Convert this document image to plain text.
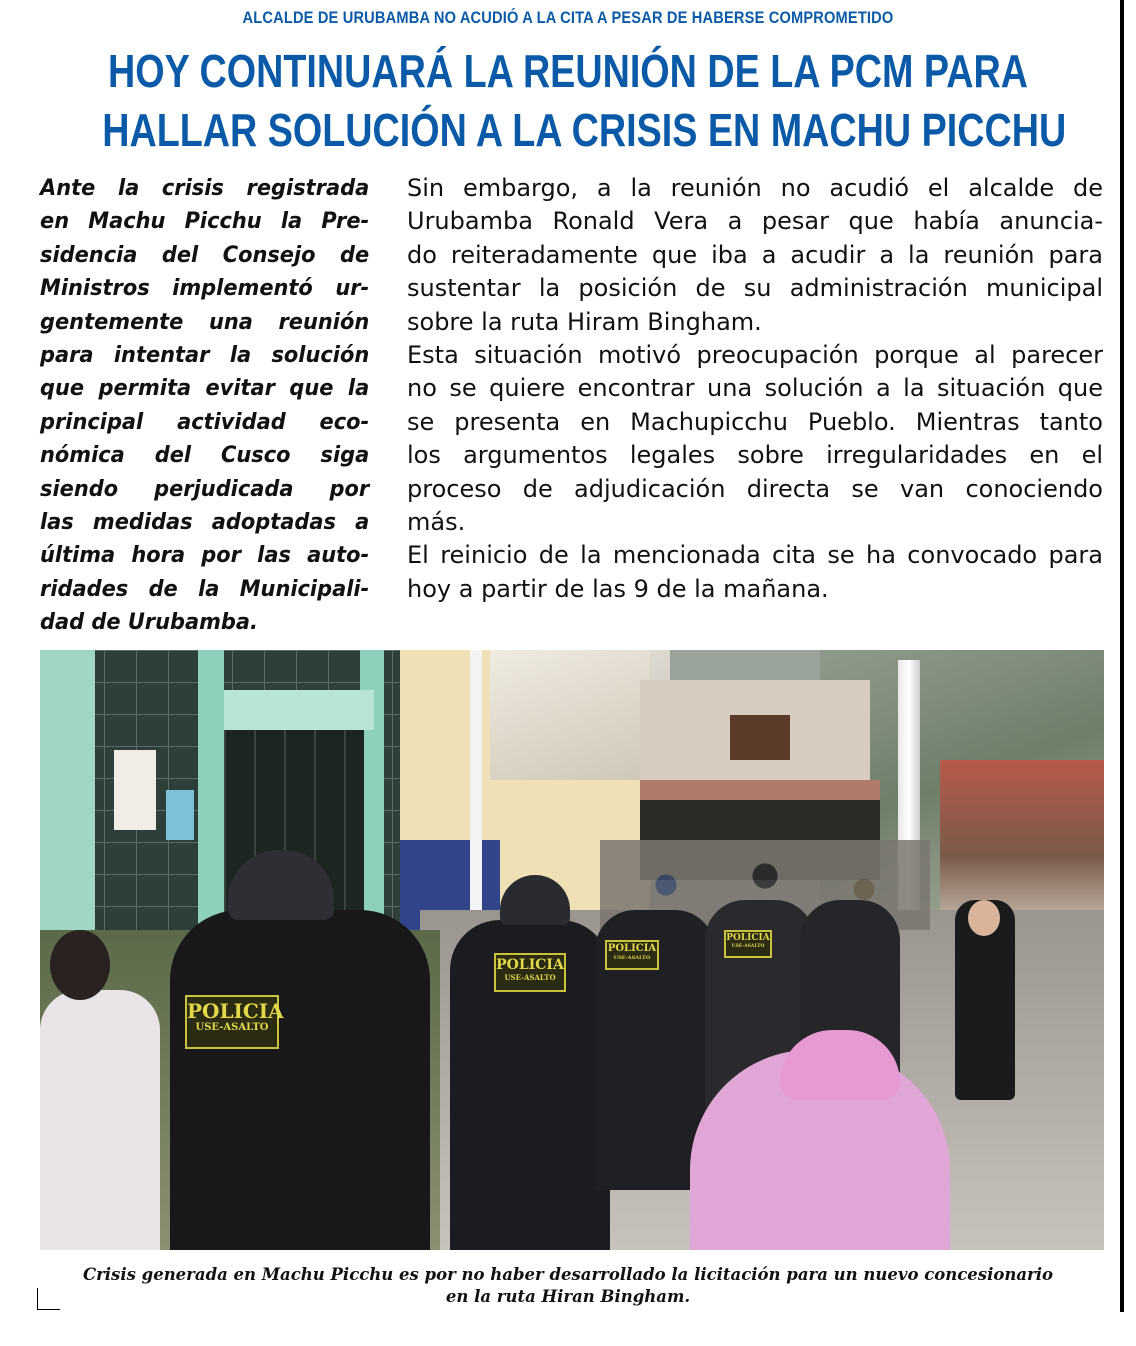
ALCALDE DE URUBAMBA NO ACUDIÓ A LA CITA A PESAR DE HABERSE COMPROMETIDO
HOY CONTINUARÁ LA REUNIÓN DE LA PCM PARA
HALLAR SOLUCIÓN A LA CRISIS EN MACHU PICCHU
Ante la crisis registrada
en Machu Picchu la Pre-
sidencia del Consejo de
Ministros implementó ur-
gentemente una reunión
para intentar la solución
que permita evitar que la
principal actividad eco-
nómica del Cusco siga
siendo perjudicada por
las medidas adoptadas a
última hora por las auto-
ridades de la Municipali-
dad de Urubamba.
Sin embargo, a la reunión no acudió el alcalde de
Urubamba Ronald Vera a pesar que había anuncia-
do reiteradamente que iba a acudir a la reunión para
sustentar la posición de su administración municipal
sobre la ruta Hiram Bingham.
Esta situación motivó preocupación porque al parecer
no se quiere encontrar una solución a la situación que
se presenta en Machupicchu Pueblo. Mientras tanto
los argumentos legales sobre irregularidades en el
proceso de adjudicación directa se van conociendo
más.
El reinicio de la mencionada cita se ha convocado para
hoy a partir de las 9 de la mañana.
POLICIA
USE-ASALTO
POLICIA
USE-ASALTO
POLICIA
USE-ASALTO
POLICIA
USE-ASALTO
Crisis generada en Machu Picchu es por no haber desarrollado la licitación para un nuevo concesionario
en la ruta Hiran Bingham.
